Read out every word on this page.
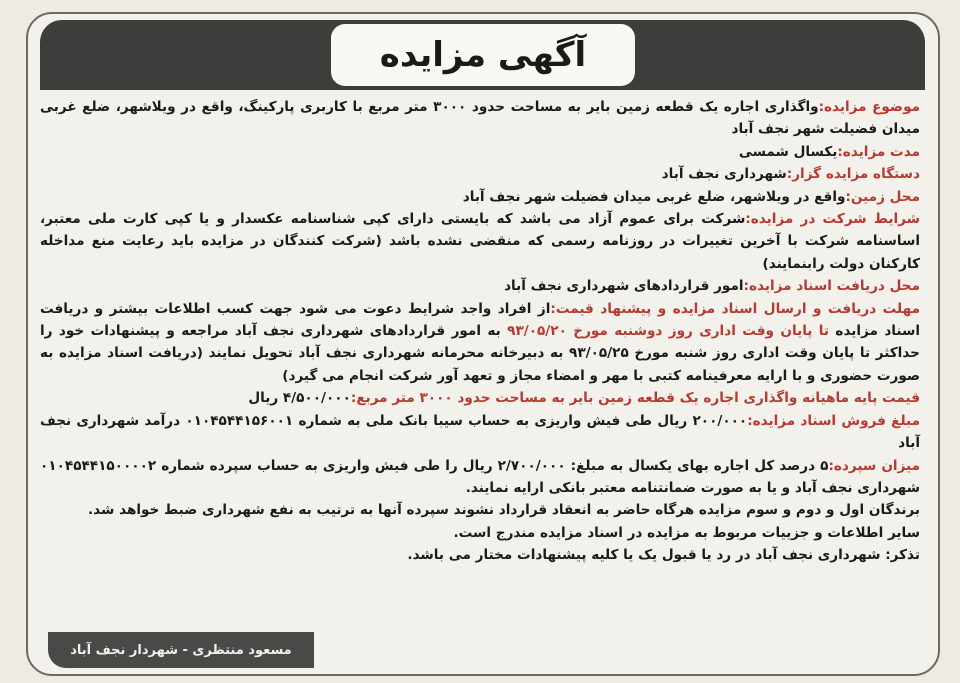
آگهی مزایده

موضوع مزایده:واگذاری اجاره یک قطعه زمین بایر به مساحت حدود ۳۰۰۰ متر مربع با کاربری پارکینگ، واقع در ویلاشهر، ضلع غربی میدان فضیلت شهر نجف آباد

مدت مزایده:یکسال شمسی

دستگاه مزایده گزار:شهرداری نجف آباد

محل زمین:واقع در ویلاشهر، ضلع غربی میدان فضیلت شهر نجف آباد

شرایط شرکت در مزایده:شرکت برای عموم آزاد می باشد که بایستی دارای کپی شناسنامه عکسدار و یا کپی کارت ملی معتبر، اساسنامه شرکت با آخرین تغییرات در روزنامه رسمی که منقضی نشده باشد (شرکت کنندگان در مزایده باید رعایت منع مداخله کارکنان دولت رابنمایند)

محل دریافت اسناد مزایده:امور قراردادهای شهرداری نجف آباد

مهلت دریافت و ارسال اسناد مزایده و پیشنهاد قیمت:از افراد واجد شرایط دعوت می شود جهت کسب اطلاعات بیشتر و دریافت اسناد مزایده تا پایان وقت اداری روز دوشنبه مورخ ۹۳/۰۵/۲۰ به امور قراردادهای شهرداری نجف آباد مراجعه و پیشنهادات خود را حداکثر تا پایان وقت اداری روز شنبه مورخ ۹۳/۰۵/۲۵ به دبیرخانه محرمانه شهرداری نجف آباد تحویل نمایند (دریافت اسناد مزایده به صورت حضوری و با ارایه معرفینامه کتبی با مهر و امضاء مجاز و تعهد آور شرکت انجام می گیرد)

قیمت پایه ماهیانه واگذاری اجاره یک قطعه زمین بایر به مساحت حدود ۳۰۰۰ متر مربع:۴/۵۰۰/۰۰۰ ریال

مبلغ فروش اسناد مزایده:۲۰۰/۰۰۰ ریال طی فیش واریزی به حساب سیبا بانک ملی به شماره ۰۱۰۴۵۴۴۱۵۶۰۰۱ درآمد شهرداری نجف آباد

میزان سپرده:۵ درصد کل اجاره بهای یکسال به مبلغ: ۲/۷۰۰/۰۰۰ ریال را طی فیش واریزی به حساب سپرده شماره ۰۱۰۴۵۴۴۱۵۰۰۰۰۲ شهرداری نجف آباد و یا به صورت ضمانتنامه معتبر بانکی ارایه نمایند.

برندگان اول و دوم و سوم مزایده هرگاه حاضر به انعقاد قرارداد نشوند سپرده آنها به ترتیب به نفع شهرداری ضبط خواهد شد.

سایر اطلاعات و جزییات مربوط به مزایده در اسناد مزایده مندرج است.

تذکر: شهرداری نجف آباد در رد یا قبول یک یا کلیه پیشنهادات مختار می باشد.

مسعود منتظری - شهردار نجف آباد
